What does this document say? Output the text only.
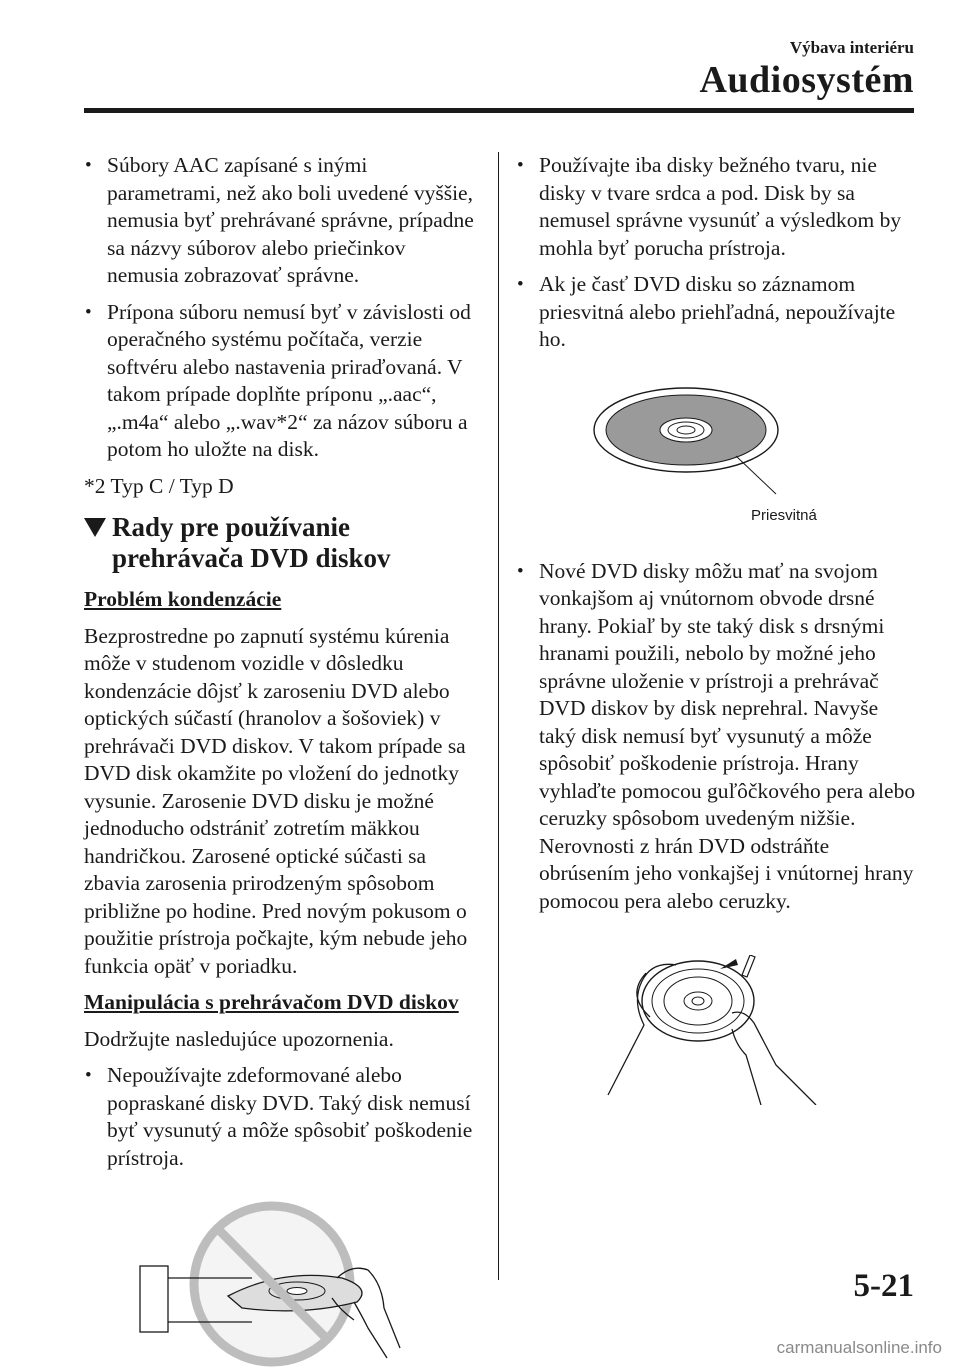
Výbava interiéru
Audiosystém
• Súbory AAC zapísané s inými parametrami, než ako boli uvedené vyššie, nemusia byť prehrávané správne, prípadne sa názvy súborov alebo priečinkov nemusia zobrazovať správne.
• Prípona súboru nemusí byť v závislosti od operačného systému počítača, verzie softvéru alebo nastavenia priraďovaná. V takom prípade doplňte príponu „.aac“, „.m4a“ alebo „.wav*2“ za názov súboru a potom ho uložte na disk.

*2 Typ C / Typ D

Rady pre používanie prehrávača DVD diskov
Problém kondenzácie

Bezprostredne po zapnutí systému kúrenia môže v studenom vozidle v dôsledku kondenzácie dôjsť k zaroseniu DVD alebo optických súčastí (hranolov a šošoviek) v prehrávači DVD diskov. V takom prípade sa DVD disk okamžite po vložení do jednotky vysunie. Zarosenie DVD disku je možné jednoducho odstrániť zotretím mäkkou handričkou. Zarosené optické súčasti sa zbavia zarosenia prirodzeným spôsobom približne po hodine. Pred novým pokusom o použitie prístroja počkajte, kým nebude jeho funkcia opäť v poriadku.

Manipulácia s prehrávačom DVD diskov

Dodržujte nasledujúce upozornenia.

• Nepoužívajte zdeformované alebo popraskané disky DVD. Taký disk nemusí byť vysunutý a môže spôsobiť poškodenie prístroja.
• Používajte iba disky bežného tvaru, nie disky v tvare srdca a pod. Disk by sa nemusel správne vysunúť a výsledkom by mohla byť porucha prístroja.
• Ak je časť DVD disku so záznamom priesvitná alebo priehľadná, nepoužívajte ho.
Priesvitná
• Nové DVD disky môžu mať na svojom vonkajšom aj vnútornom obvode drsné hrany. Pokiaľ by ste taký disk s drsnými hranami použili, nebolo by možné jeho správne uloženie v prístroji a prehrávač DVD diskov by disk neprehral. Navyše taký disk nemusí byť vysunutý a môže spôsobiť poškodenie prístroja. Hrany vyhlaďte pomocou guľôčkového pera alebo ceruzky spôsobom uvedeným nižšie. Nerovnosti z hrán DVD odstráňte obrúsením jeho vonkajšej i vnútornej hrany pomocou pera alebo ceruzky.
5-21
carmanualsonline.info
